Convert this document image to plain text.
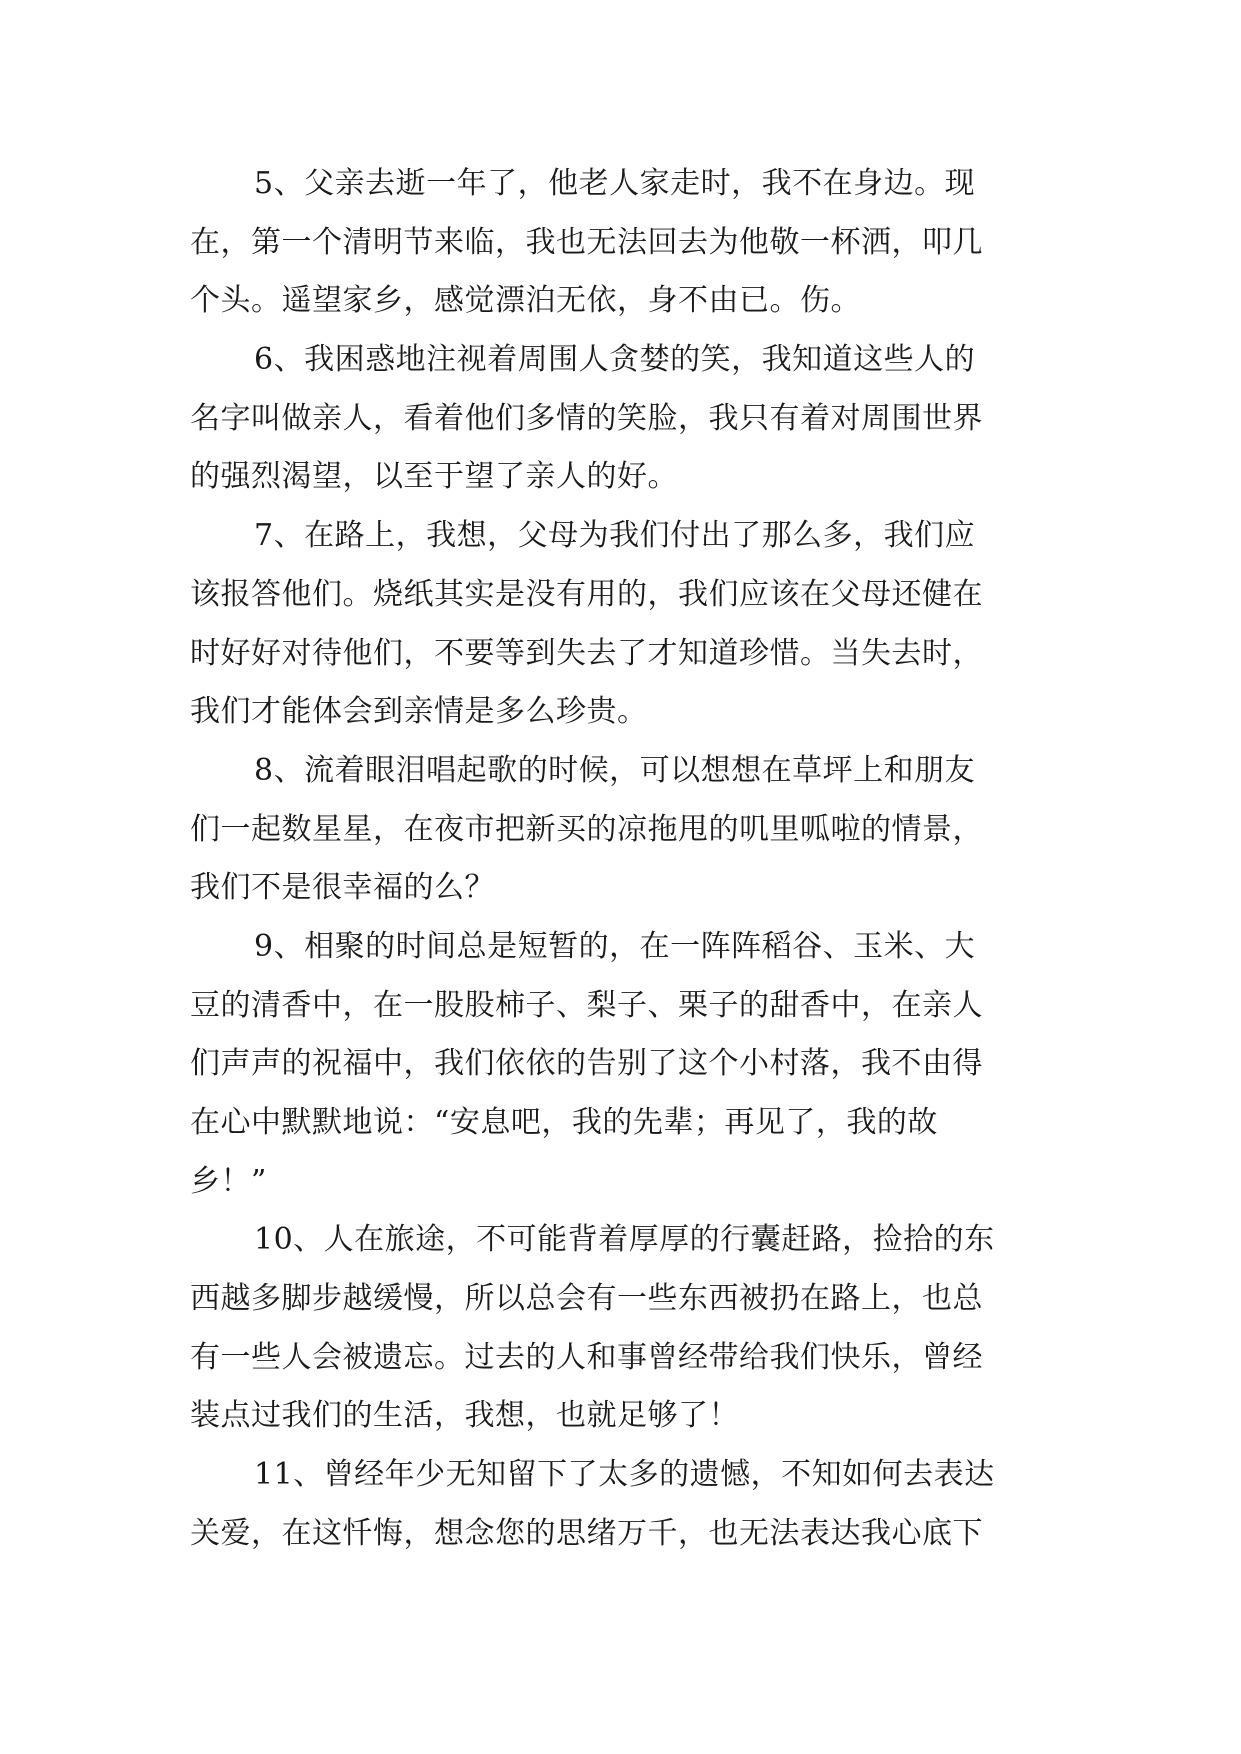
5、父亲去逝一年了，他老人家走时，我不在身边。现
在，第一个清明节来临，我也无法回去为他敬一杯洒，叩几
个头。遥望家乡，感觉漂泊无依，身不由已。伤。
6、我困惑地注视着周围人贪婪的笑，我知道这些人的
名字叫做亲人，看着他们多情的笑脸，我只有着对周围世界
的强烈渴望，以至于望了亲人的好。
7、在路上，我想，父母为我们付出了那么多，我们应
该报答他们。烧纸其实是没有用的，我们应该在父母还健在
时好好对待他们，不要等到失去了才知道珍惜。当失去时，
我们才能体会到亲情是多么珍贵。
8、流着眼泪唱起歌的时候，可以想想在草坪上和朋友
们一起数星星，在夜市把新买的凉拖甩的叽里呱啦的情景，
我们不是很幸福的么？
9、相聚的时间总是短暂的，在一阵阵稻谷、玉米、大
豆的清香中，在一股股柿子、梨子、栗子的甜香中，在亲人
们声声的祝福中，我们依依的告别了这个小村落，我不由得
在心中默默地说：“安息吧，我的先辈；再见了，我的故
乡！”
10、人在旅途，不可能背着厚厚的行囊赶路，捡拾的东
西越多脚步越缓慢，所以总会有一些东西被扔在路上，也总
有一些人会被遗忘。过去的人和事曾经带给我们快乐，曾经
装点过我们的生活，我想，也就足够了！
11、曾经年少无知留下了太多的遗憾，不知如何去表达
关爱，在这忏悔，想念您的思绪万千，也无法表达我心底下
